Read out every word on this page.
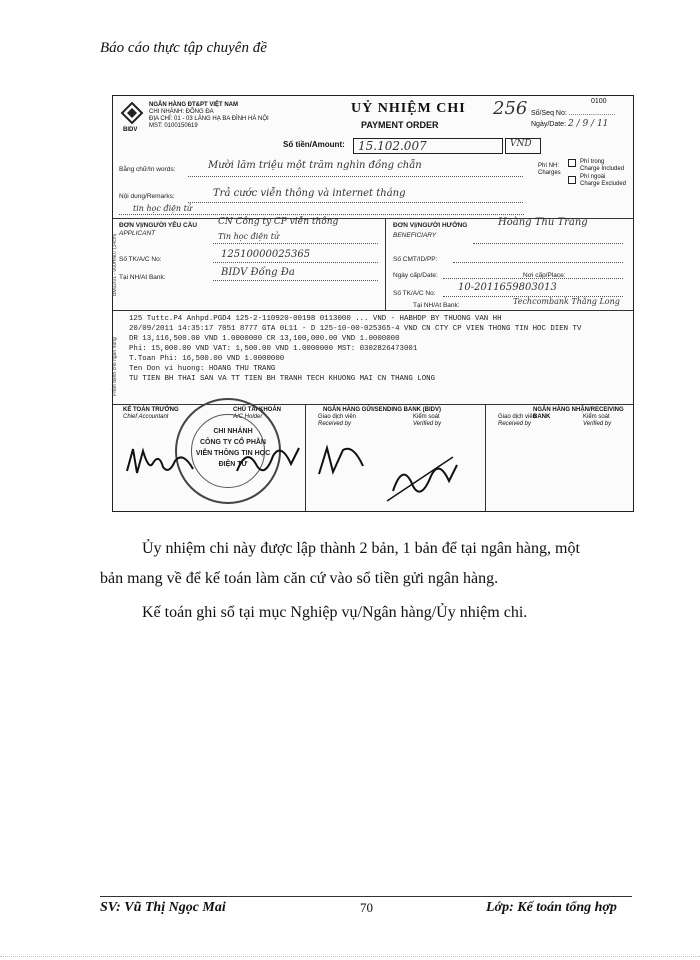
Báo cáo thực tập chuyên đề
BIDV
NGÂN HÀNG ĐT&PT VIỆT NAM
CHI NHÁNH: ĐỐNG ĐA
ĐỊA CHỈ: 01 - 03 LÁNG HẠ BA ĐÌNH HÀ NỘI
MST: 0100150619
UỶ NHIỆM CHI 256
PAYMENT ORDER
0100
Số/Seq No: ........................
Ngày/Date: 2 / 9 / 11
Số tiền/Amount:	15.102.007	VND
Bằng chữ/In words:	Mười lăm triệu một trăm nghìn đồng chẵn
Nội dung/Remarks:	Trả cước viễn thông và internet tháng
tin học điện tử
Phí NH: Charges
Phí trong
Charge Included
Phí ngoài
Charge Excluded
ĐƠN VỊ/NGƯỜI YÊU CẦU
APPLICANT
CN Công ty CP viễn thông
Tin học điện tử
Số TK/A/C No:	12510000025365
Tại NH/At Bank:	BIDV Đống Đa
ĐƠN VỊ/NGƯỜI HƯỞNG
BENEFICIARY
Hoàng Thu Trang
Số CMT/ID/PP:
Ngày cấp/Date:	Nơi cấp/Place:
Số TK/A/C No:
10-2011659803013
Tại NH/At Bank:	Techcombank Thăng Long
BM02/01 - 000HN07 (14cm)
Phần dành cho ngân hàng
125 Tuttc.P4 Anhpd.PGD4 125-2-110920-00198 0113000 ... VND - HABHDP BY THUONG VAN HH
20/09/2011 14:35:17 7051 8777 GTA 0L11 - D 125-10-00-025365-4 VND CN CTY CP VIEN THONG TIN HOC DIEN TV
DR 13,116,500.00 VND 1.0000000 CR 13,100,000.00 VND 1.0000000
Phi: 15,000.00 VND VAT: 1,500.00 VND 1.0000000 MST: 0302826473001
T.Toan Phi: 16,500.00 VND 1.0000000
Ten Don vi huong: HOANG THU TRANG
TU TIEN BH THAI SAN VA TT TIEN BH TRANH TECH KHUONG MAI CN THANG LONG
KẾ TOÁN TRƯỞNG
Chief Accountant
CHỦ TÀI KHOẢN
A/C Holder
NGÂN HÀNG GỬI/SENDING BANK (BIDV)
Giao dịch viên
Received by
Kiểm soát
Verified by
NGÂN HÀNG NHẬN/RECEIVING BANK
Giao dịch viên
Received by
Kiểm soát
Verified by
CHI NHÁNH
CÔNG TY CỔ PHẦN
VIỄN THÔNG TIN HỌC
ĐIỆN TỬ
Ủy nhiệm chi này được lập thành 2 bản, 1 bản để tại ngân hàng, một
bản mang về để kế toán làm căn cứ vào sổ tiền gửi ngân hàng.
Kế toán ghi sổ tại mục Nghiệp vụ/Ngân hàng/Ủy nhiệm chi.
SV: Vũ Thị Ngọc Mai	70	Lớp: Kế toán tổng hợp
